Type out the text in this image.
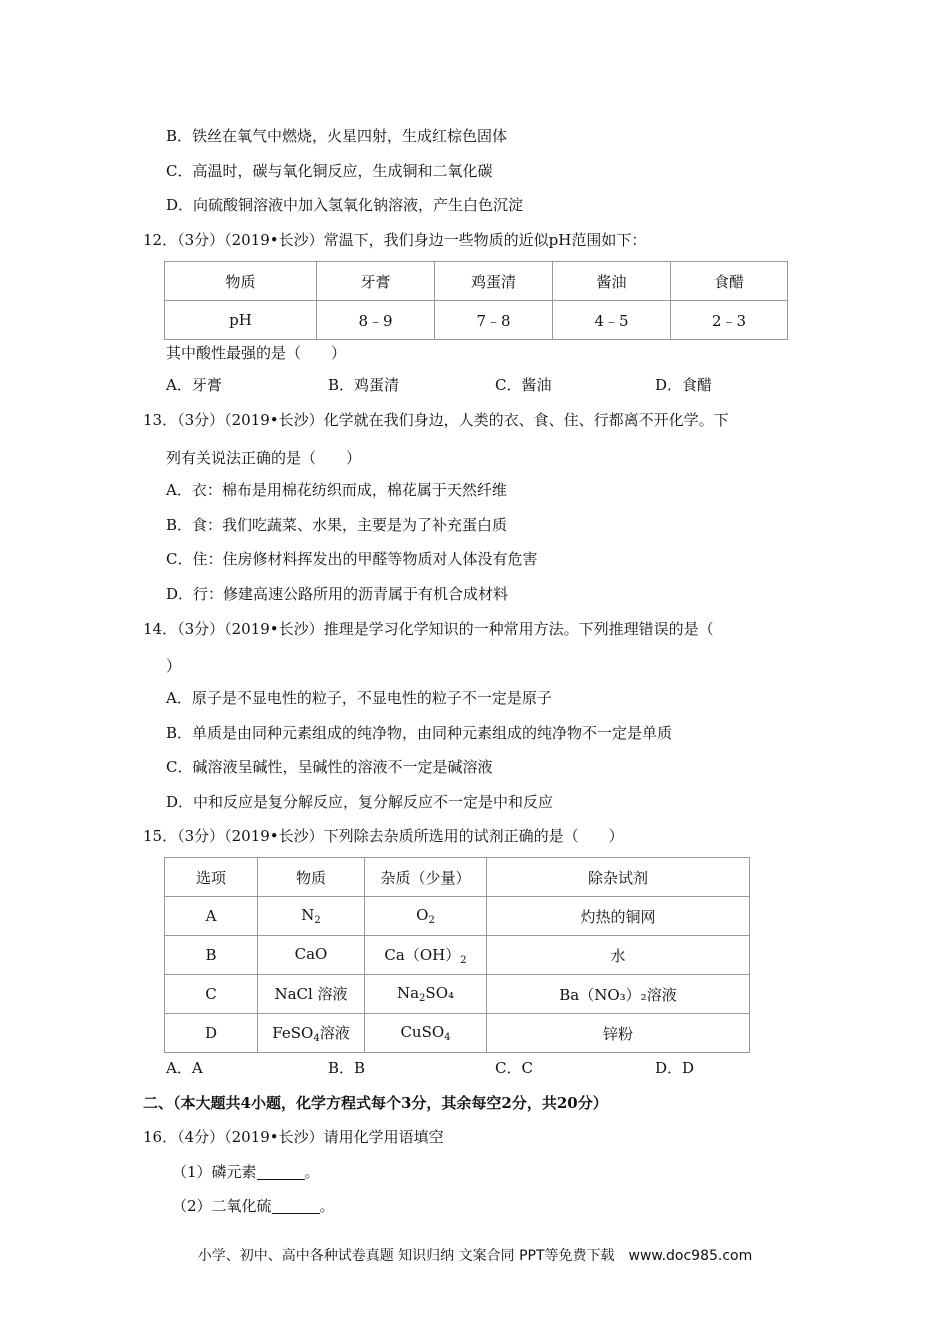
B．铁丝在氧气中燃烧，火星四射，生成红棕色固体
C．高温时，碳与氧化铜反应，生成铜和二氧化碳
D．向硫酸铜溶液中加入氢氧化钠溶液，产生白色沉淀
12．（3分）（2019•长沙）常温下，我们身边一些物质的近似pH范围如下：
物质	牙膏	鸡蛋清	酱油	食醋
pH	8﹣9	7﹣8	4﹣5	2﹣3
其中酸性最强的是（　　）
A．牙膏	B．鸡蛋清	C．酱油	D．食醋
13．（3分）（2019•长沙）化学就在我们身边，人类的衣、食、住、行都离不开化学。下
列有关说法正确的是（　　）
A．衣：棉布是用棉花纺织而成，棉花属于天然纤维
B．食：我们吃蔬菜、水果，主要是为了补充蛋白质
C．住：住房修材料挥发出的甲醛等物质对人体没有危害
D．行：修建高速公路所用的沥青属于有机合成材料
14．（3分）（2019•长沙）推理是学习化学知识的一种常用方法。下列推理错误的是（
）
A．原子是不显电性的粒子，不显电性的粒子不一定是原子
B．单质是由同种元素组成的纯净物，由同种元素组成的纯净物不一定是单质
C．碱溶液呈碱性，呈碱性的溶液不一定是碱溶液
D．中和反应是复分解反应，复分解反应不一定是中和反应
15．（3分）（2019•长沙）下列除去杂质所选用的试剂正确的是（　　）
选项	物质	杂质（少量）	除杂试剂
A	$N_2$	$O_2$	灼热的铜网
B	CaO	$Ca(OH)_2$	水
C	NaCl 溶液	$Na_2SO_4$	Ba（NO₃）₂溶液
D	FeSO$_4$溶液	CuSO$_4$	锌粉
A．A	B．B	C．C	D．D
二、（本大题共4小题，化学方程式每个3分，其余每空2分，共20分）
16．（4分）（2019•长沙）请用化学用语填空
（1）磷元素	。
（2）二氧化硫	。
小学、初中、高中各种试卷真题 知识归纳 文案合同 PPT等免费下载　www.doc985.com
